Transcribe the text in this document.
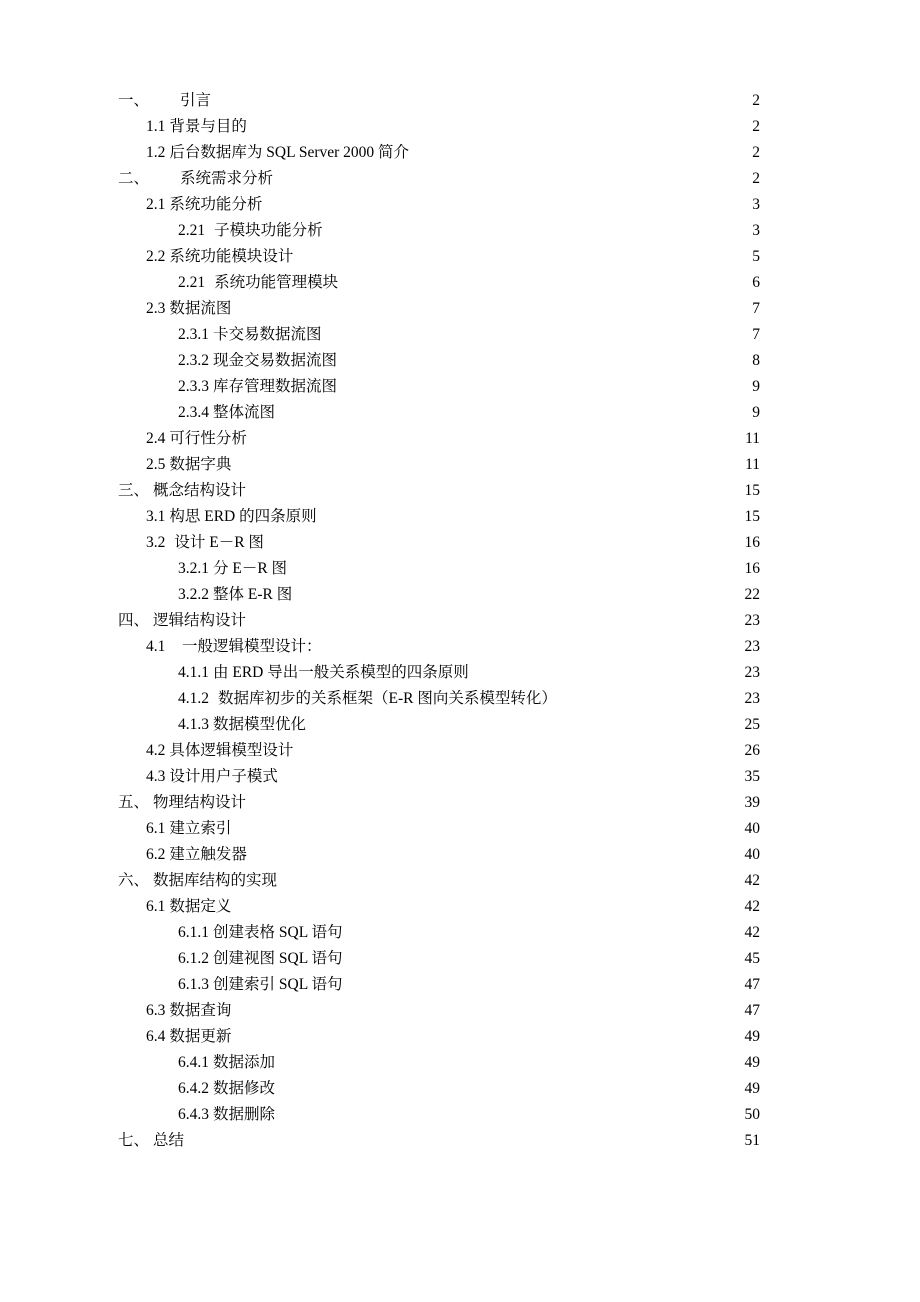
一、	引言 .....	2
1.1 背景与目的 .....	2
1.2 后台数据库为 SQL Server 2000 简介 .....	2
二、	系统需求分析 .....	2
2.1 系统功能分析 .....	3
2.21 子模块功能分析 .....	3
2.2 系统功能模块设计 .....	5
2.21 系统功能管理模块 .....	6
2.3 数据流图 .....	7
2.3.1 卡交易数据流图 .....	7
2.3.2 现金交易数据流图 .....	8
2.3.3 库存管理数据流图 .....	9
2.3.4 整体流图 .....	9
2.4 可行性分析 .....	11
2.5 数据字典 .....	11
三、 概念结构设计 .....	15
3.1 构思 ERD 的四条原则 .....	15
3.2 设计 E－R 图 .....	16
3.2.1 分 E－R 图 .....	16
3.2.2 整体 E-R 图 .....	22
四、 逻辑结构设计 .....	23
4.1	一般逻辑模型设计： .....	23
4.1.1 由 ERD 导出一般关系模型的四条原则 .....	23
4.1.2 数据库初步的关系框架（E-R 图向关系模型转化） .....	23
4.1.3 数据模型优化 .....	25
4.2 具体逻辑模型设计 .....	26
4.3 设计用户子模式 .....	35
五、 物理结构设计 .....	39
6.1 建立索引 .....	40
6.2 建立触发器 .....	40
六、 数据库结构的实现 .....	42
6.1 数据定义 .....	42
6.1.1 创建表格 SQL 语句 .....	42
6.1.2 创建视图 SQL 语句 .....	45
6.1.3 创建索引 SQL 语句 .....	47
6.3 数据查询 .....	47
6.4 数据更新 .....	49
6.4.1 数据添加 .....	49
6.4.2 数据修改 .....	49
6.4.3 数据删除 .....	50
七、 总结 .....	51
